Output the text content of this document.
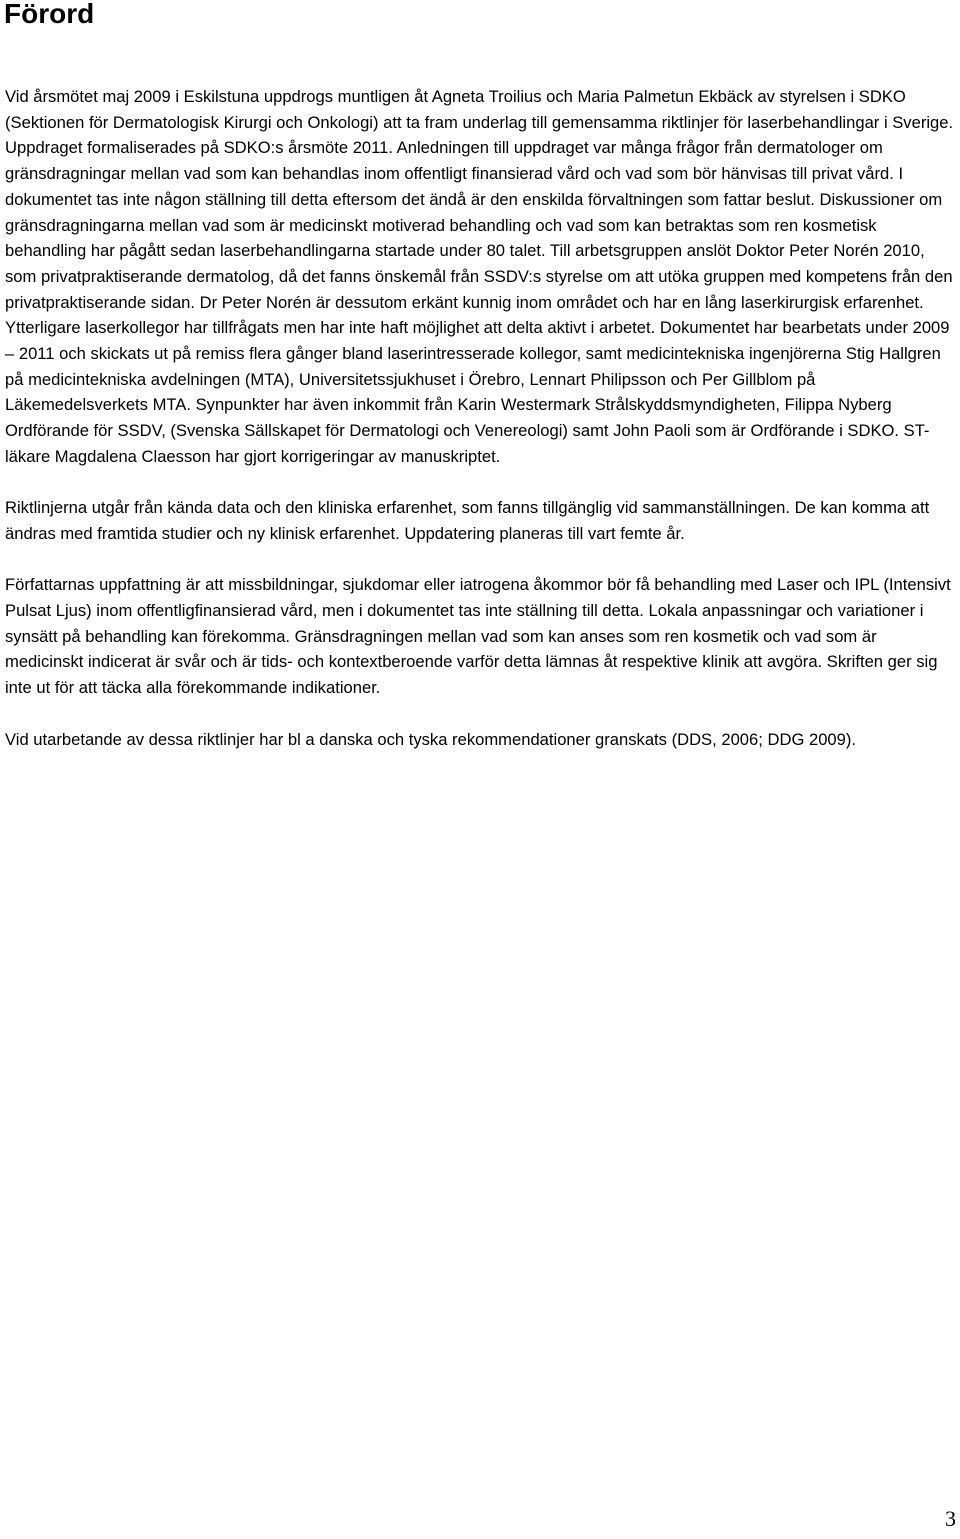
Förord

Vid årsmötet maj 2009 i Eskilstuna uppdrogs muntligen åt Agneta Troilius och Maria Palmetun Ekbäck av styrelsen i SDKO (Sektionen för Dermatologisk Kirurgi och Onkologi) att ta fram underlag till gemensamma riktlinjer för laserbehandlingar i Sverige. Uppdraget formaliserades på SDKO:s årsmöte 2011. Anledningen till uppdraget var många frågor från dermatologer om gränsdragningar mellan vad som kan behandlas inom offentligt finansierad vård och vad som bör hänvisas till privat vård. I dokumentet tas inte någon ställning till detta eftersom det ändå är den enskilda förvaltningen som fattar beslut. Diskussioner om gränsdragningarna mellan vad som är medicinskt motiverad behandling och vad som kan betraktas som ren kosmetisk behandling har pågått sedan laserbehandlingarna startade under 80 talet. Till arbetsgruppen anslöt Doktor Peter Norén 2010, som privatpraktiserande dermatolog, då det fanns önskemål från SSDV:s styrelse om att utöka gruppen med kompetens från den privatpraktiserande sidan. Dr Peter Norén är dessutom erkänt kunnig inom området och har en lång laserkirurgisk erfarenhet. Ytterligare laserkollegor har tillfrågats men har inte haft möjlighet att delta aktivt i arbetet. Dokumentet har bearbetats under 2009 – 2011 och skickats ut på remiss flera gånger bland laserintresserade kollegor, samt medicintekniska ingenjörerna Stig Hallgren på medicintekniska avdelningen (MTA), Universitetssjukhuset i Örebro, Lennart Philipsson och Per Gillblom på Läkemedelsverkets MTA. Synpunkter har även inkommit från Karin Westermark Strålskyddsmyndigheten, Filippa Nyberg Ordförande för SSDV, (Svenska Sällskapet för Dermatologi och Venereologi) samt John Paoli som är Ordförande i SDKO. ST-läkare Magdalena Claesson har gjort korrigeringar av manuskriptet.

Riktlinjerna utgår från kända data och den kliniska erfarenhet, som fanns tillgänglig vid sammanställningen. De kan komma att ändras med framtida studier och ny klinisk erfarenhet. Uppdatering planeras till vart femte år.

Författarnas uppfattning är att missbildningar, sjukdomar eller iatrogena åkommor bör få behandling med Laser och IPL (Intensivt Pulsat Ljus) inom offentligfinansierad vård, men i dokumentet tas inte ställning till detta. Lokala anpassningar och variationer i synsätt på behandling kan förekomma. Gränsdragningen mellan vad som kan anses som ren kosmetik och vad som är medicinskt indicerat är svår och är tids- och kontextberoende varför detta lämnas åt respektive klinik att avgöra. Skriften ger sig inte ut för att täcka alla förekommande indikationer.

Vid utarbetande av dessa riktlinjer har bl a danska och tyska rekommendationer granskats (DDS, 2006; DDG 2009).

3
